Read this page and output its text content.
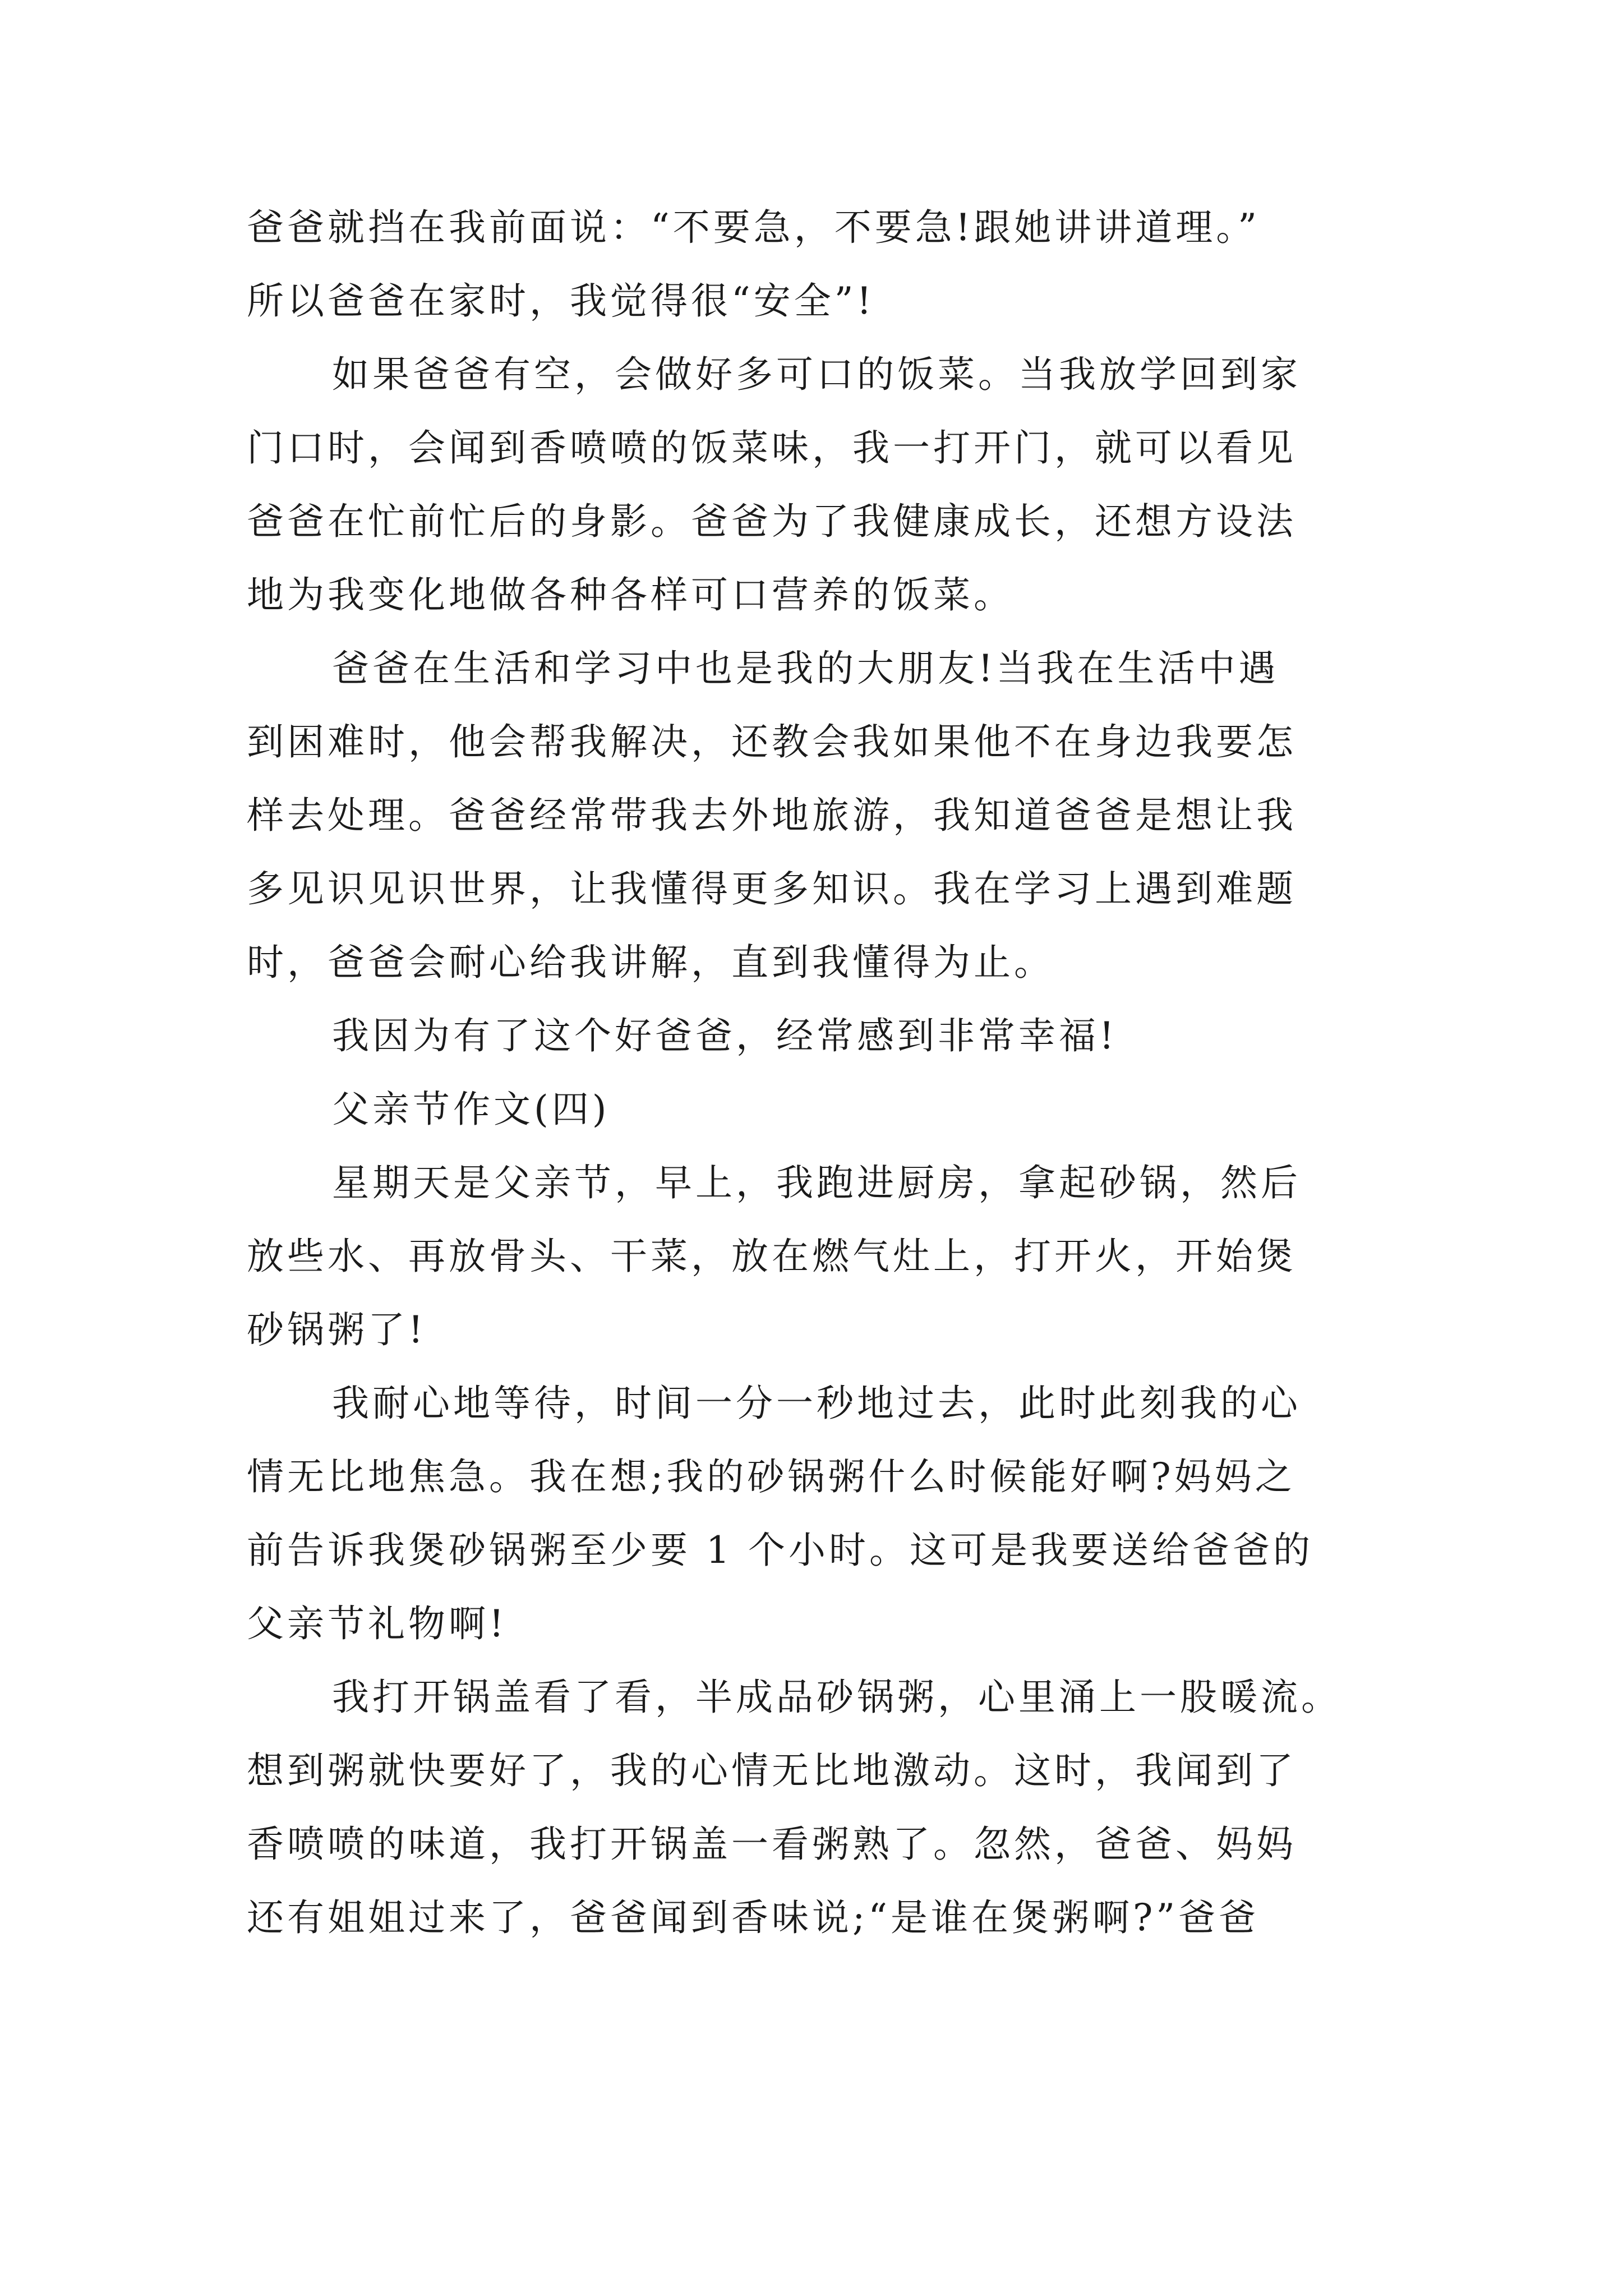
爸爸就挡在我前面说：“不要急，不要急!跟她讲讲道理。”
所以爸爸在家时，我觉得很“安全”!
如果爸爸有空，会做好多可口的饭菜。当我放学回到家
门口时，会闻到香喷喷的饭菜味，我一打开门，就可以看见
爸爸在忙前忙后的身影。爸爸为了我健康成长，还想方设法
地为我变化地做各种各样可口营养的饭菜。
爸爸在生活和学习中也是我的大朋友!当我在生活中遇
到困难时，他会帮我解决，还教会我如果他不在身边我要怎
样去处理。爸爸经常带我去外地旅游，我知道爸爸是想让我
多见识见识世界，让我懂得更多知识。我在学习上遇到难题
时，爸爸会耐心给我讲解，直到我懂得为止。
我因为有了这个好爸爸，经常感到非常幸福!
父亲节作文(四)
星期天是父亲节，早上，我跑进厨房，拿起砂锅，然后
放些水、再放骨头、干菜，放在燃气灶上，打开火，开始煲
砂锅粥了!
我耐心地等待，时间一分一秒地过去，此时此刻我的心
情无比地焦急。我在想;我的砂锅粥什么时候能好啊?妈妈之
前告诉我煲砂锅粥至少要 1 个小时。这可是我要送给爸爸的
父亲节礼物啊!
我打开锅盖看了看，半成品砂锅粥，心里涌上一股暖流。
想到粥就快要好了，我的心情无比地激动。这时，我闻到了
香喷喷的味道，我打开锅盖一看粥熟了。忽然，爸爸、妈妈
还有姐姐过来了，爸爸闻到香味说;“是谁在煲粥啊?”爸爸
